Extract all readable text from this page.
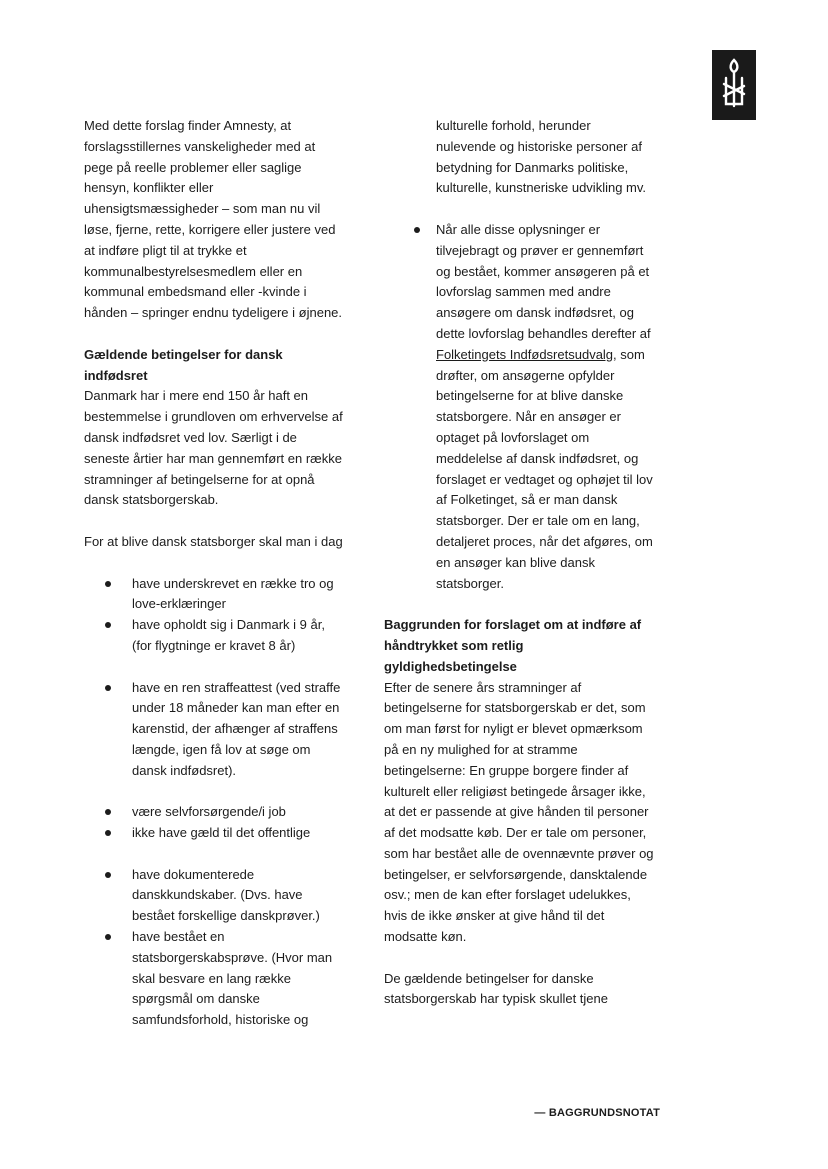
Med dette forslag finder Amnesty, at forslagsstillernes vanskeligheder med at pege på reelle problemer eller saglige hensyn, konflikter eller uhensigtsmæssigheder – som man nu vil løse, fjerne, rette, korrigere eller justere ved at indføre pligt til at trykke et kommunalbestyrelsesmedlem eller en kommunal embedsmand eller -kvinde i hånden – springer endnu tydeligere i øjnene.

Gældende betingelser for dansk indfødsret

Danmark har i mere end 150 år haft en bestemmelse i grundloven om erhvervelse af dansk indfødsret ved lov. Særligt i de seneste årtier har man gennemført en række stramninger af betingelserne for at opnå dansk statsborgerskab.

For at blive dansk statsborger skal man i dag

have underskrevet en række tro og love-erklæringer
have opholdt sig i Danmark i 9 år, (for flygtninge er kravet 8 år)
have en ren straffeattest (ved straffe under 18 måneder kan man efter en karenstid, der afhænger af straffens længde, igen få lov at søge om dansk indfødsret).
være selvforsørgende/i job
ikke have gæld til det offentlige
have dokumenterede danskkundskaber. (Dvs. have bestået forskellige danskprøver.)
have bestået en statsborgerskabsprøve. (Hvor man skal besvare en lang række spørgsmål om danske samfundsforhold, historiske og
kulturelle forhold, herunder nulevende og historiske personer af betydning for Danmarks politiske, kulturelle, kunstneriske udvikling mv.
Når alle disse oplysninger er tilvejebragt og prøver er gennemført og bestået, kommer ansøgeren på et lovforslag sammen med andre ansøgere om dansk indfødsret, og dette lovforslag behandles derefter af Folketingets Indfødsretsudvalg, som drøfter, om ansøgerne opfylder betingelserne for at blive danske statsborgere. Når en ansøger er optaget på lovforslaget om meddelelse af dansk indfødsret, og forslaget er vedtaget og ophøjet til lov af Folketinget, så er man dansk statsborger. Der er tale om en lang, detaljeret proces, når det afgøres, om en ansøger kan blive dansk statsborger.
Baggrunden for forslaget om at indføre af håndtrykket som retlig gyldighedsbetingelse

Efter de senere års stramninger af betingelserne for statsborgerskab er det, som om man først for nyligt er blevet opmærksom på en ny mulighed for at stramme betingelserne: En gruppe borgere finder af kulturelt eller religiøst betingede årsager ikke, at det er passende at give hånden til personer af det modsatte køb. Der er tale om personer, som har bestået alle de ovennævnte prøver og betingelser, er selvforsørgende, dansktalende osv.; men de kan efter forslaget udelukkes, hvis de ikke ønsker at give hånd til det modsatte køn.

De gældende betingelser for danske statsborgerskab har typisk skullet tjene

— BAGGRUNDSNOTAT
